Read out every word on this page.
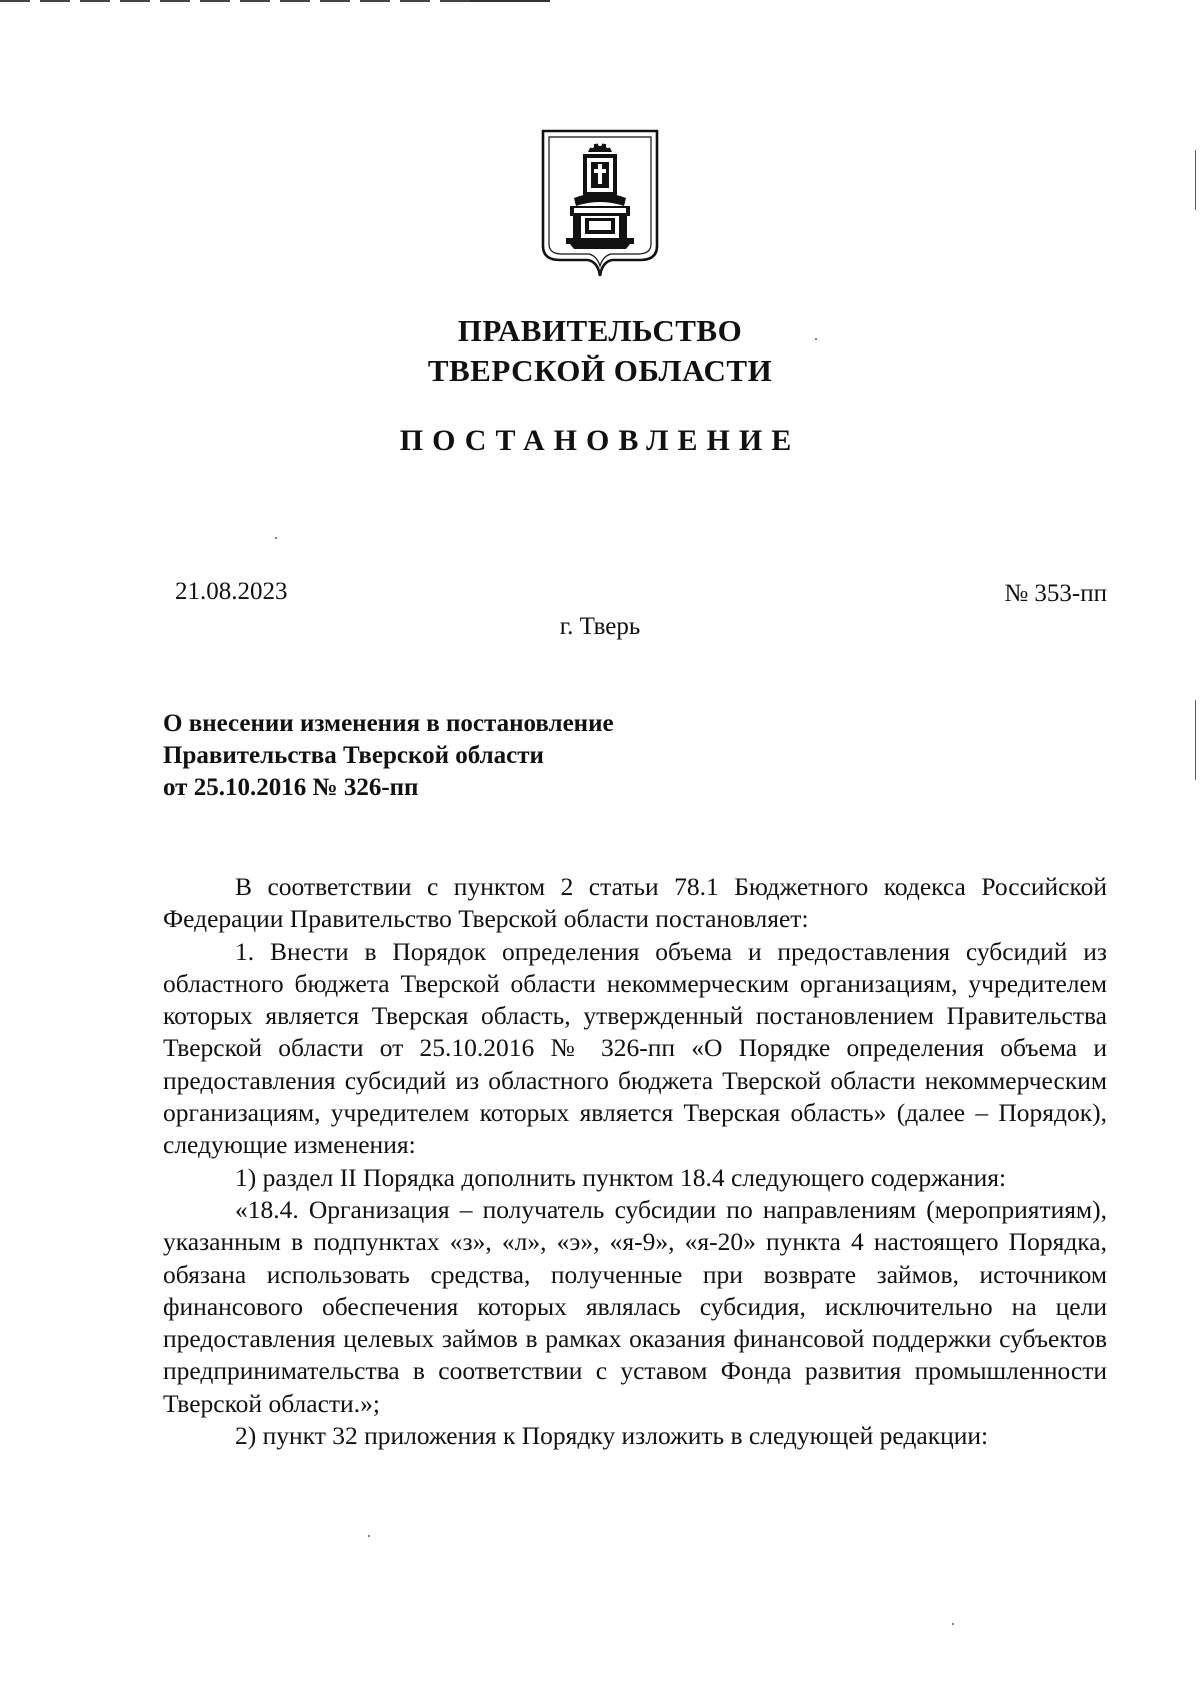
ПРАВИТЕЛЬСТВО
ТВЕРСКОЙ ОБЛАСТИ
ПОСТАНОВЛЕНИЕ
21.08.2023	№ 353-пп
г. Тверь
О внесении изменения в постановление
Правительства Тверской области
от 25.10.2016 № 326-пп

В соответствии с пунктом 2 статьи 78.1 Бюджетного кодекса Российской Федерации Правительство Тверской области постановляет:

1. Внести в Порядок определения объема и предоставления субсидий из областного бюджета Тверской области некоммерческим организациям, учредителем которых является Тверская область, утвержденный постановлением Правительства Тверской области от 25.10.2016 № 326-пп «О Порядке определения объема и предоставления субсидий из областного бюджета Тверской области некоммерческим организациям, учредителем которых является Тверская область» (далее – Порядок), следующие изменения:

1) раздел II Порядка дополнить пунктом 18.4 следующего содержания:

«18.4. Организация – получатель субсидии по направлениям (мероприятиям), указанным в подпунктах «з», «л», «э», «я-9», «я-20» пункта 4 настоящего Порядка, обязана использовать средства, полученные при возврате займов, источником финансового обеспечения которых являлась субсидия, исключительно на цели предоставления целевых займов в рамках оказания финансовой поддержки субъектов предпринимательства в соответствии с уставом Фонда развития промышленности Тверской области.»;

2) пункт 32 приложения к Порядку изложить в следующей редакции:
